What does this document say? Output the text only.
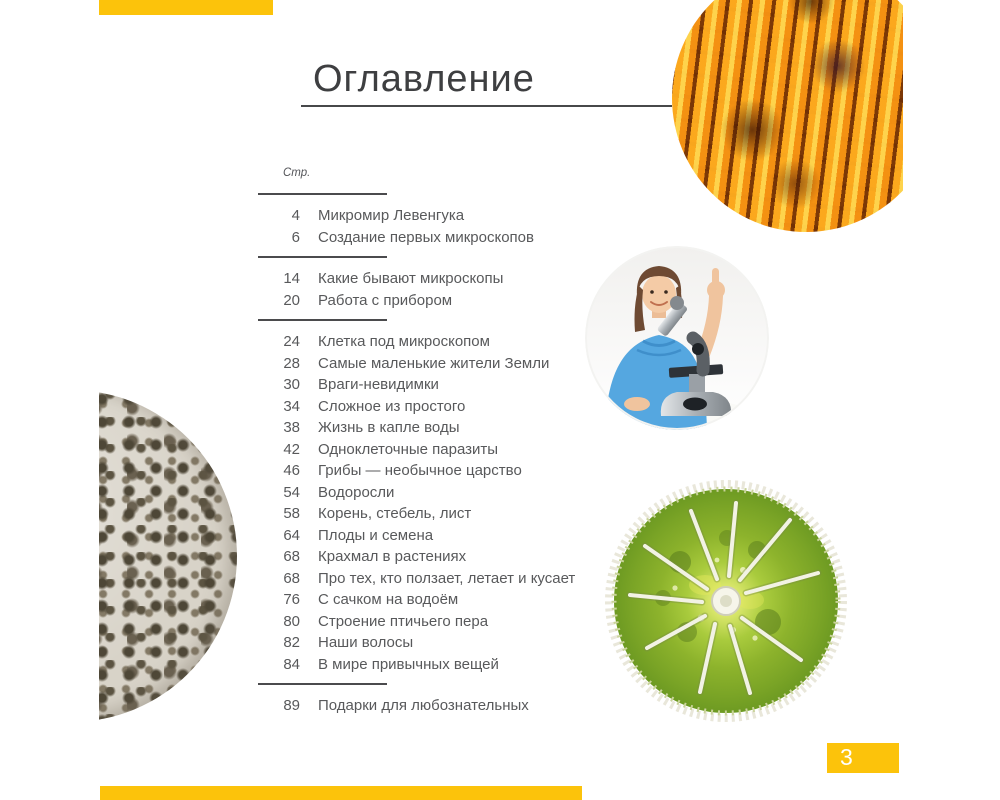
Оглавление
Стр.
4 Микромир Левенгука
6 Создание первых микроскопов
14 Какие бывают микроскопы
20 Работа с прибором
24 Клетка под микроскопом
28 Самые маленькие жители Земли
30 Враги-невидимки
34 Сложное из простого
38 Жизнь в капле воды
42 Одноклеточные паразиты
46 Грибы — необычное царство
54 Водоросли
58 Корень, стебель, лист
64 Плоды и семена
68 Крахмал в растениях
68 Про тех, кто ползает, летает и кусает
76 С сачком на водоём
80 Строение птичьего пера
82 Наши волосы
84 В мире привычных вещей
89 Подарки для любознательных
3
